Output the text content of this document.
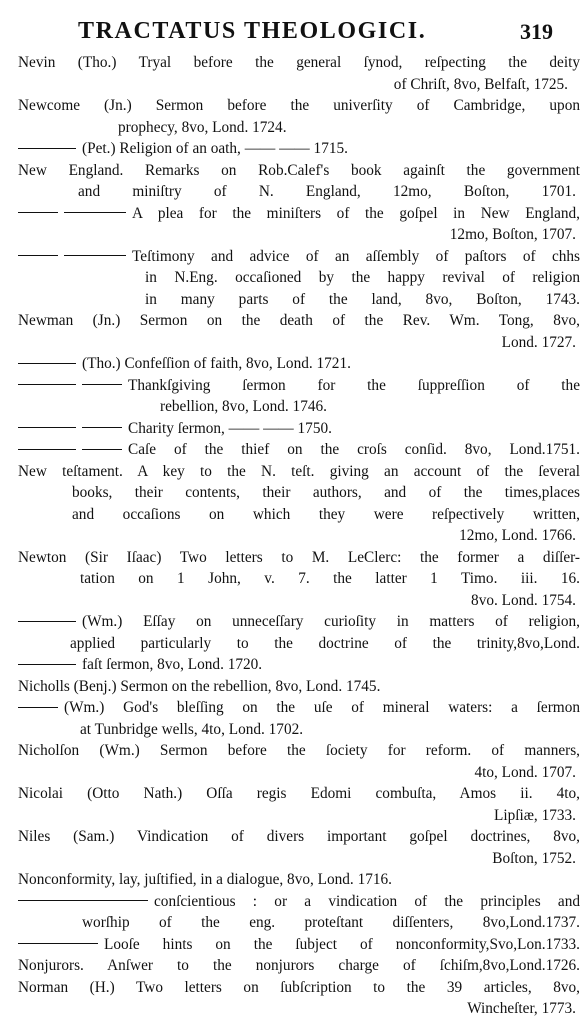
TRACTATUS THEOLOGICI.	319
Nevin (Tho.) Tryal before the general ſynod, reſpecting the deity
of Chriſt, 8vo, Belfaſt, 1725.
Newcome (Jn.) Sermon before the univerſity of Cambridge, upon
prophecy, 8vo, Lond. 1724.
(Pet.) Religion of an oath, —— —— 1715.
New England. Remarks on Rob.Calef's book againſt the government
and miniſtry of N. England, 12mo, Boſton, 1701.
A plea for the miniſters of the goſpel in New England,
12mo, Boſton, 1707.
Teſtimony and advice of an aſſembly of paſtors of chhs
in N.Eng. occaſioned by the happy revival of religion
in many parts of the land, 8vo, Boſton, 1743.
Newman (Jn.) Sermon on the death of the Rev. Wm. Tong, 8vo,
Lond. 1727.
(Tho.) Confeſſion of faith, 8vo, Lond. 1721.
Thankſgiving ſermon for the ſuppreſſion of the
rebellion, 8vo, Lond. 1746.
Charity ſermon, —— —— 1750.
Caſe of the thief on the croſs conſid. 8vo, Lond.1751.
New teſtament. A key to the N. teſt. giving an account of the ſeveral
books, their contents, their authors, and of the times,places
and occaſions on which they were reſpectively written,
12mo, Lond. 1766.
Newton (Sir Iſaac) Two letters to M. LeClerc: the former a diſſer-
tation on 1 John, v. 7. the latter 1 Timo. iii. 16.
8vo. Lond. 1754.
(Wm.) Eſſay on unneceſſary curioſity in matters of religion,
applied particularly to the doctrine of the trinity,8vo,Lond.
faſt ſermon, 8vo, Lond. 1720.
Nicholls (Benj.) Sermon on the rebellion, 8vo, Lond. 1745.
(Wm.) God's bleſſing on the uſe of mineral waters: a ſermon
at Tunbridge wells, 4to, Lond. 1702.
Nicholſon (Wm.) Sermon before the ſociety for reform. of manners,
4to, Lond. 1707.
Nicolai (Otto Nath.) Oſſa regis Edomi combuſta, Amos ii. 4to,
Lipſiæ, 1733.
Niles (Sam.) Vindication of divers important goſpel doctrines, 8vo,
Boſton, 1752.
Nonconformity, lay, juſtified, in a dialogue, 8vo, Lond. 1716.
conſcientious : or a vindication of the principles and
worſhip of the eng. proteſtant diſſenters, 8vo,Lond.1737.
Looſe hints on the ſubject of nonconformity,Svo,Lon.1733.
Nonjurors. Anſwer to the nonjurors charge of ſchiſm,8vo,Lond.1726.
Norman (H.) Two letters on ſubſcription to the 39 articles, 8vo,
Wincheſter, 1773.
